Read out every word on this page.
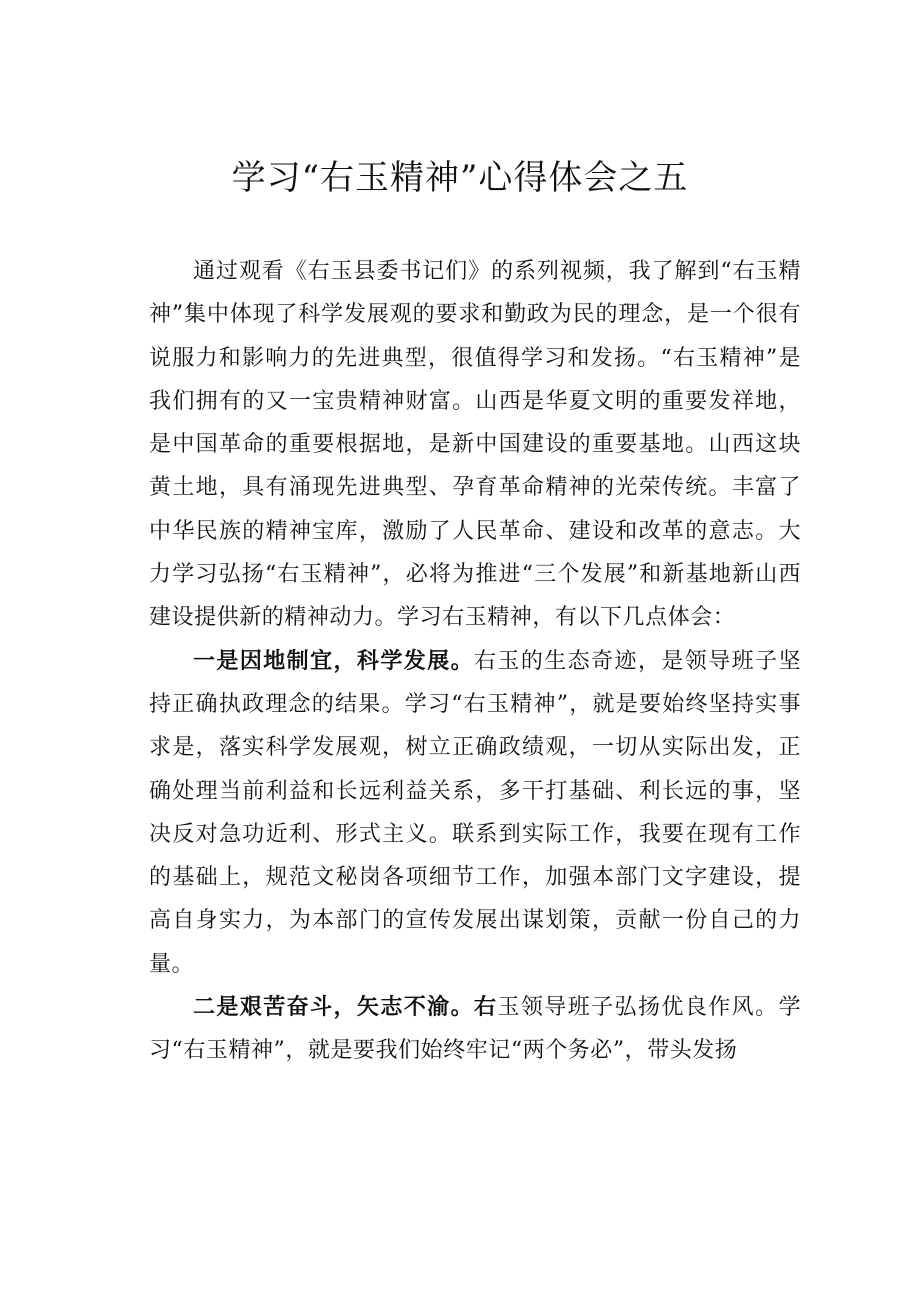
学习“右玉精神”心得体会之五

通过观看《右玉县委书记们》的系列视频，我了解到“右玉精神”集中体现了科学发展观的要求和勤政为民的理念，是一个很有说服力和影响力的先进典型，很值得学习和发扬。“右玉精神”是我们拥有的又一宝贵精神财富。山西是华夏文明的重要发祥地，是中国革命的重要根据地，是新中国建设的重要基地。山西这块黄土地，具有涌现先进典型、孕育革命精神的光荣传统。丰富了中华民族的精神宝库，激励了人民革命、建设和改革的意志。大力学习弘扬“右玉精神”，必将为推进“三个发展”和新基地新山西建设提供新的精神动力。学习右玉精神，有以下几点体会：

一是因地制宜，科学发展。右玉的生态奇迹，是领导班子坚持正确执政理念的结果。学习“右玉精神”，就是要始终坚持实事求是，落实科学发展观，树立正确政绩观，一切从实际出发，正确处理当前利益和长远利益关系，多干打基础、利长远的事，坚决反对急功近利、形式主义。联系到实际工作，我要在现有工作的基础上，规范文秘岗各项细节工作，加强本部门文字建设，提高自身实力，为本部门的宣传发展出谋划策，贡献一份自己的力量。

二是艰苦奋斗，矢志不渝。右玉领导班子弘扬优良作风。学习“右玉精神”，就是要我们始终牢记“两个务必”，带头发扬
